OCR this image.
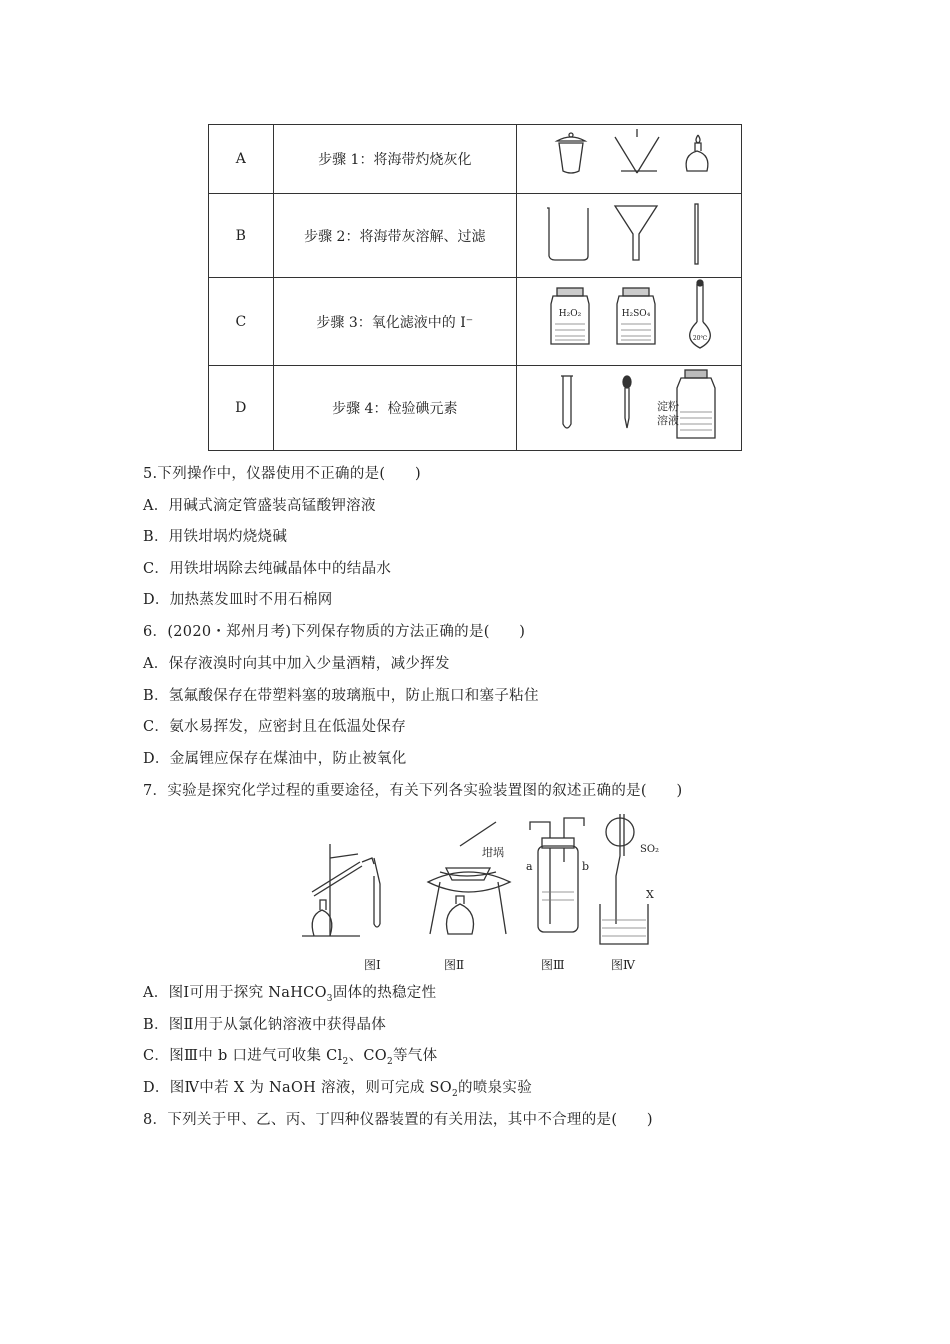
A	步骤 1：将海带灼烧灰化	
B	步骤 2：将海带灰溶解、过滤	
C	步骤 3：氧化滤液中的 I⁻	H₂O₂ H₂SO₄
20℃

D	步骤 4：检验碘元素	淀粉
溶液
5.下列操作中，仪器使用不正确的是(　　)
A．用碱式滴定管盛装高锰酸钾溶液
B．用铁坩埚灼烧烧碱
C．用铁坩埚除去纯碱晶体中的结晶水
D．加热蒸发皿时不用石棉网
6．(2020・郑州月考)下列保存物质的方法正确的是(　　)
A．保存液溴时向其中加入少量酒精，减少挥发
B．氢氟酸保存在带塑料塞的玻璃瓶中，防止瓶口和塞子粘住
C．氨水易挥发，应密封且在低温处保存
D．金属锂应保存在煤油中，防止被氧化
7．实验是探究化学过程的重要途径，有关下列各实验装置图的叙述正确的是(　　)
坩埚
a	b
SO₂
X
图Ⅰ	图Ⅱ	图Ⅲ	图Ⅳ
A．图Ⅰ可用于探究 NaHCO$_3$固体的热稳定性
B．图Ⅱ用于从氯化钠溶液中获得晶体
C．图Ⅲ中 b 口进气可收集 $Cl_2$、$CO_2$等气体
D．图Ⅳ中若 X 为 NaOH 溶液，则可完成 $SO_2$的喷泉实验
8．下列关于甲、乙、丙、丁四种仪器装置的有关用法，其中不合理的是(　　)
